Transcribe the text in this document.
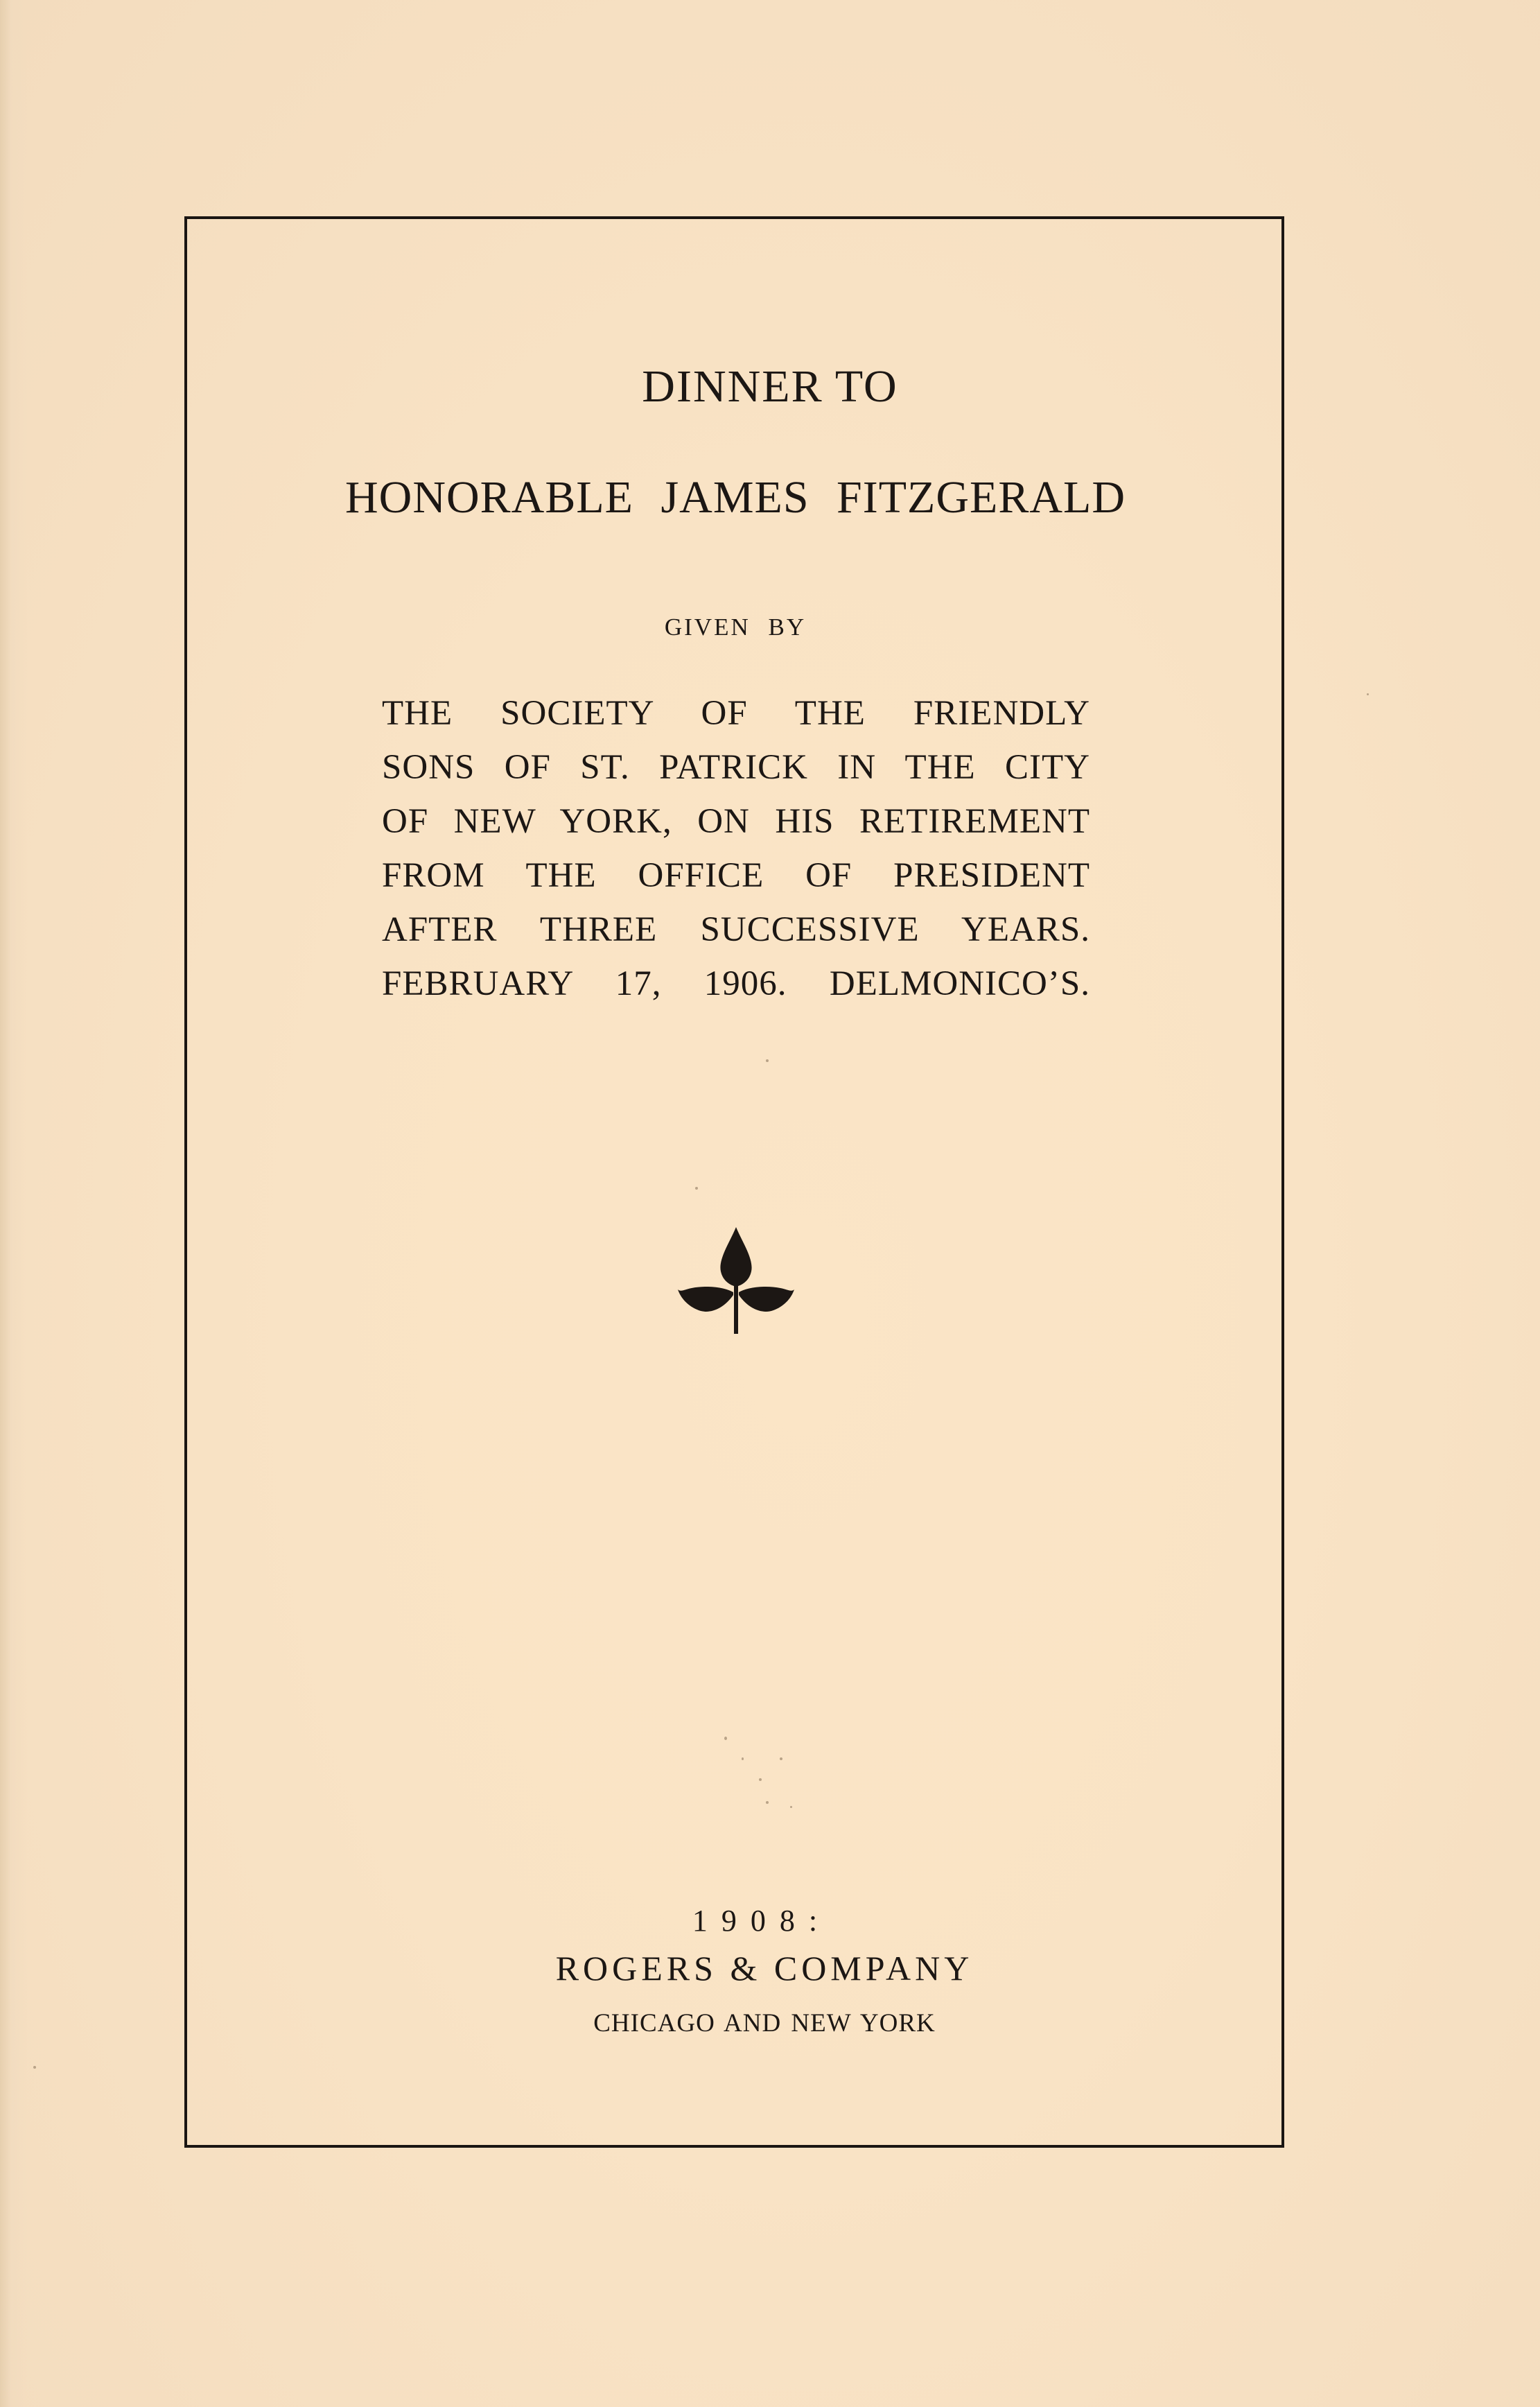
DINNER TO
HONORABLE JAMES FITZGERALD
GIVEN BY
THE SOCIETY OF THE FRIENDLY
SONS OF ST. PATRICK IN THE CITY
OF NEW YORK, ON HIS RETIREMENT
FROM THE OFFICE OF PRESIDENT
AFTER THREE SUCCESSIVE YEARS.
FEBRUARY 17, 1906. DELMONICO’S.
1908:
ROGERS & COMPANY
CHICAGO AND NEW YORK
